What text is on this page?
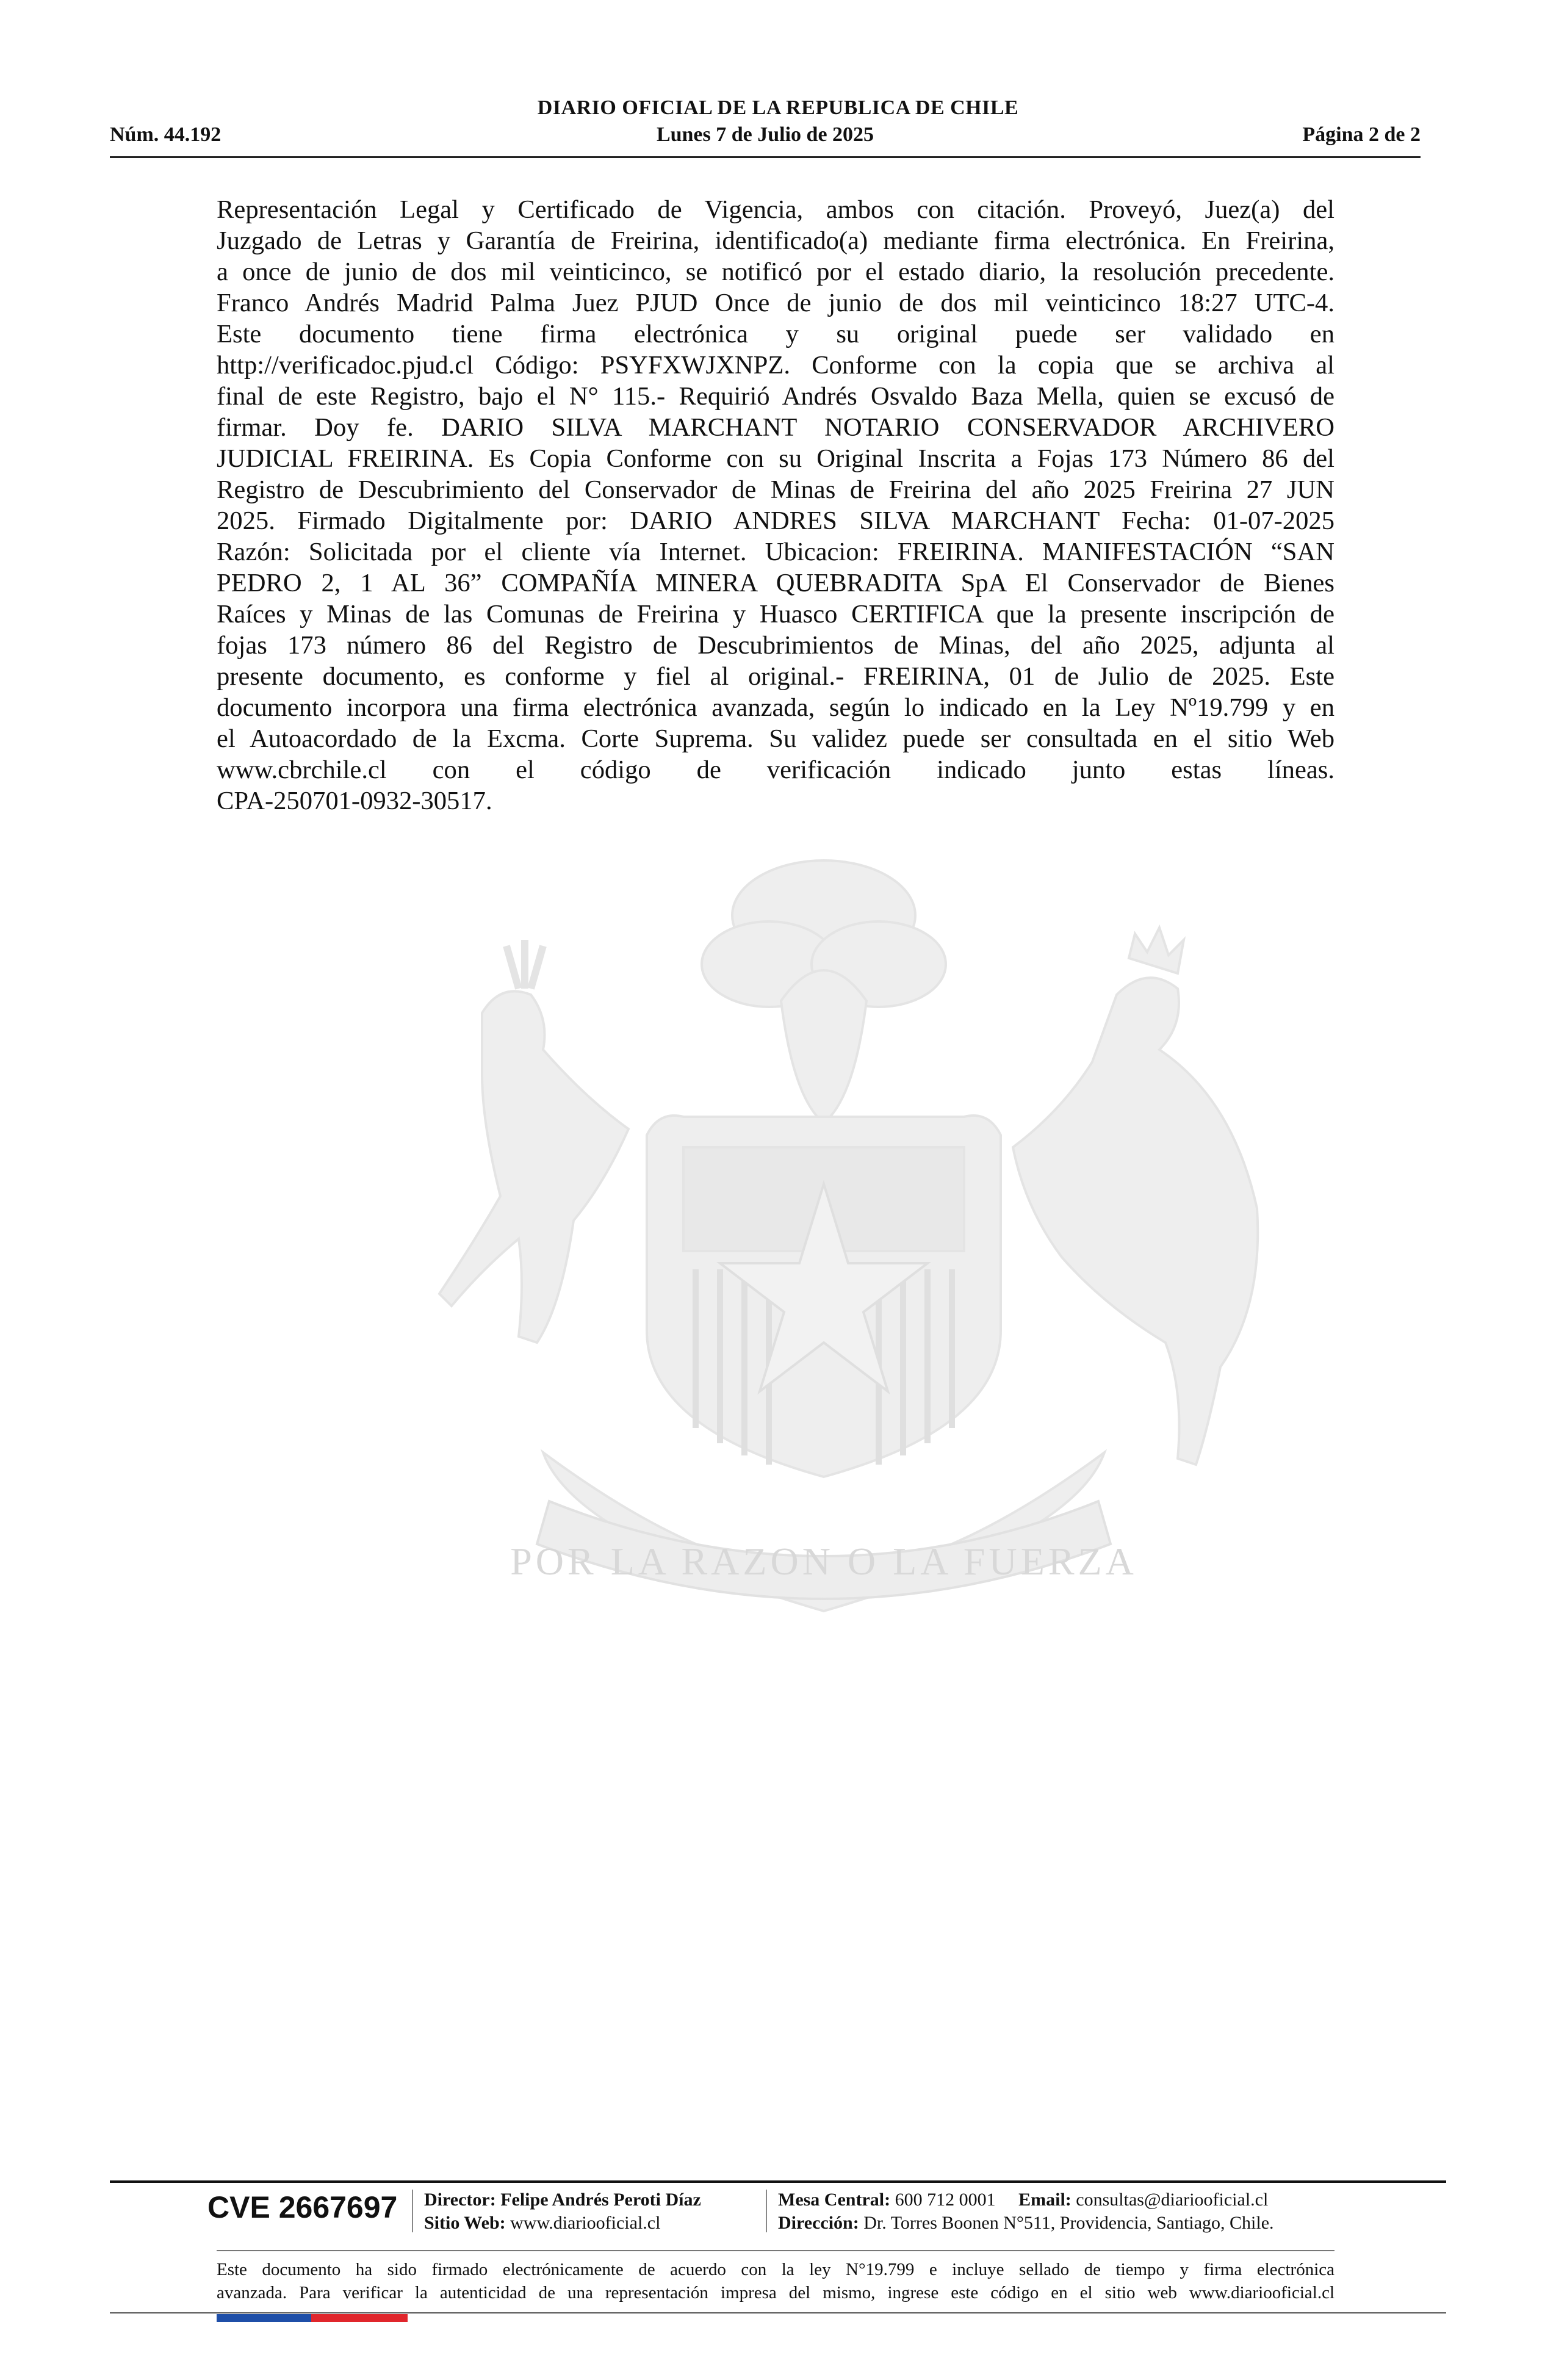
DIARIO OFICIAL DE LA REPUBLICA DE CHILE
Núm. 44.192	Lunes 7 de Julio de 2025	Página 2 de 2
Representación Legal y Certificado de Vigencia, ambos con citación. Proveyó, Juez(a) del
Juzgado de Letras y Garantía de Freirina, identificado(a) mediante firma electrónica. En Freirina,
a once de junio de dos mil veinticinco, se notificó por el estado diario, la resolución precedente.
Franco Andrés Madrid Palma Juez PJUD Once de junio de dos mil veinticinco 18:27 UTC-4.
Este documento tiene firma electrónica y su original puede ser validado en
http://verificadoc.pjud.cl Código: PSYFXWJXNPZ. Conforme con la copia que se archiva al
final de este Registro, bajo el N° 115.- Requirió Andrés Osvaldo Baza Mella, quien se excusó de
firmar. Doy fe. DARIO SILVA MARCHANT NOTARIO CONSERVADOR ARCHIVERO
JUDICIAL FREIRINA. Es Copia Conforme con su Original Inscrita a Fojas 173 Número 86 del
Registro de Descubrimiento del Conservador de Minas de Freirina del año 2025 Freirina 27 JUN
2025. Firmado Digitalmente por: DARIO ANDRES SILVA MARCHANT Fecha: 01-07-2025
Razón: Solicitada por el cliente vía Internet. Ubicacion: FREIRINA. MANIFESTACIÓN “SAN
PEDRO 2, 1 AL 36” COMPAÑÍA MINERA QUEBRADITA SpA El Conservador de Bienes
Raíces y Minas de las Comunas de Freirina y Huasco CERTIFICA que la presente inscripción de
fojas 173 número 86 del Registro de Descubrimientos de Minas, del año 2025, adjunta al
presente documento, es conforme y fiel al original.- FREIRINA, 01 de Julio de 2025. Este
documento incorpora una firma electrónica avanzada, según lo indicado en la Ley Nº19.799 y en
el Autoacordado de la Excma. Corte Suprema. Su validez puede ser consultada en el sitio Web
www.cbrchile.cl con el código de verificación indicado junto estas líneas.
CPA-250701-0932-30517.
POR LA RAZON O LA FUERZA
CVE 2667697 Director: Felipe Andrés Peroti Díaz
Sitio Web: www.diariooficial.cl
Mesa Central: 600 712 0001 Email: consultas@diariooficial.cl
Dirección: Dr. Torres Boonen N°511, Providencia, Santiago, Chile.
Este documento ha sido firmado electrónicamente de acuerdo con la ley N°19.799 e incluye sellado de tiempo y firma electrónica
avanzada. Para verificar la autenticidad de una representación impresa del mismo, ingrese este código en el sitio web www.diariooficial.cl
